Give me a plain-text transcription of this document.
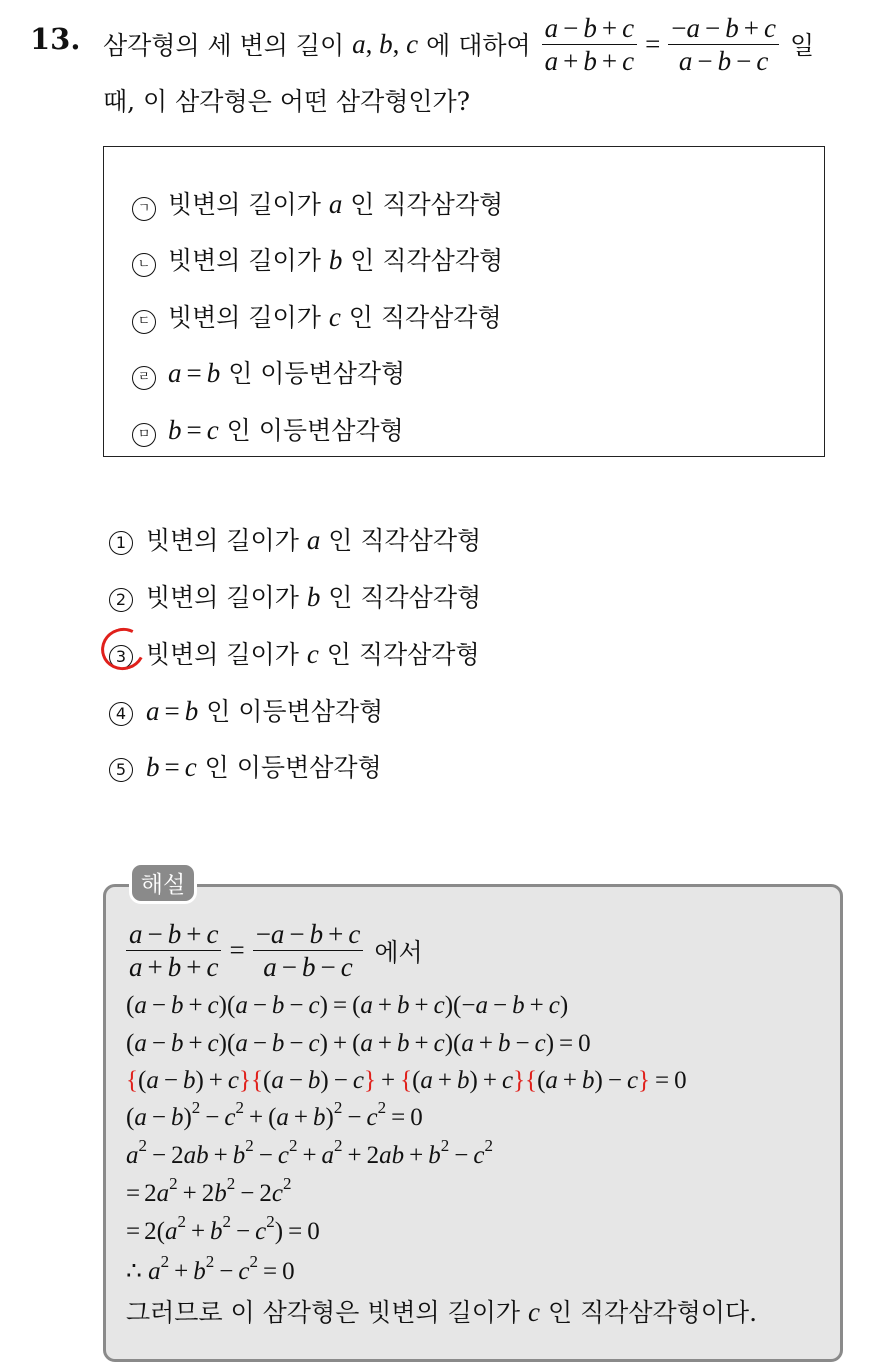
13. 삼각형의 세 변의 길이
a , b , c
에 대하여
$\frac{a - b + c}{a + b + c} = \frac{-a - b + c}{a - b - c}$
일
때, 이 삼각형은 어떤 삼각형인가?
ㄱ 빗변의 길이가 a 인 직각삼각형
ㄴ 빗변의 길이가 b 인 직각삼각형
ㄷ 빗변의 길이가 c 인 직각삼각형
ㄹ a = b 인 이등변삼각형
ㅁ b = c 인 이등변삼각형
1 빗변의 길이가 a 인 직각삼각형
2 빗변의 길이가 b 인 직각삼각형
3 빗변의 길이가 c 인 직각삼각형
4 a = b 인 이등변삼각형
5 b = c 인 이등변삼각형
해설
$\frac{a - b + c}{a + b + c} = \frac{-a - b + c}{a - b - c}$
에서
(a − b + c)(a − b − c) = (a + b + c)(−a − b + c)
(a − b + c)(a − b − c) + (a + b + c)(a + b − c) = 0
{(a − b) + c}{(a − b) − c} + {(a + b) + c}{(a + b) − c} = 0
$(a - b)^2 - c^2 + (a + b)^2 - c^2 = 0$
$a^2 - 2ab + b^2 - c^2 + a^2 + 2ab + b^2 - c^2$
= $2a^2 + 2b^2 - 2c^2$
= $2(a^2 + b^2 - c^2) = 0$
∴ $a^2 + b^2 - c^2 = 0$
그러므로 이 삼각형은 빗변의 길이가 c 인 직각삼각형이다.
